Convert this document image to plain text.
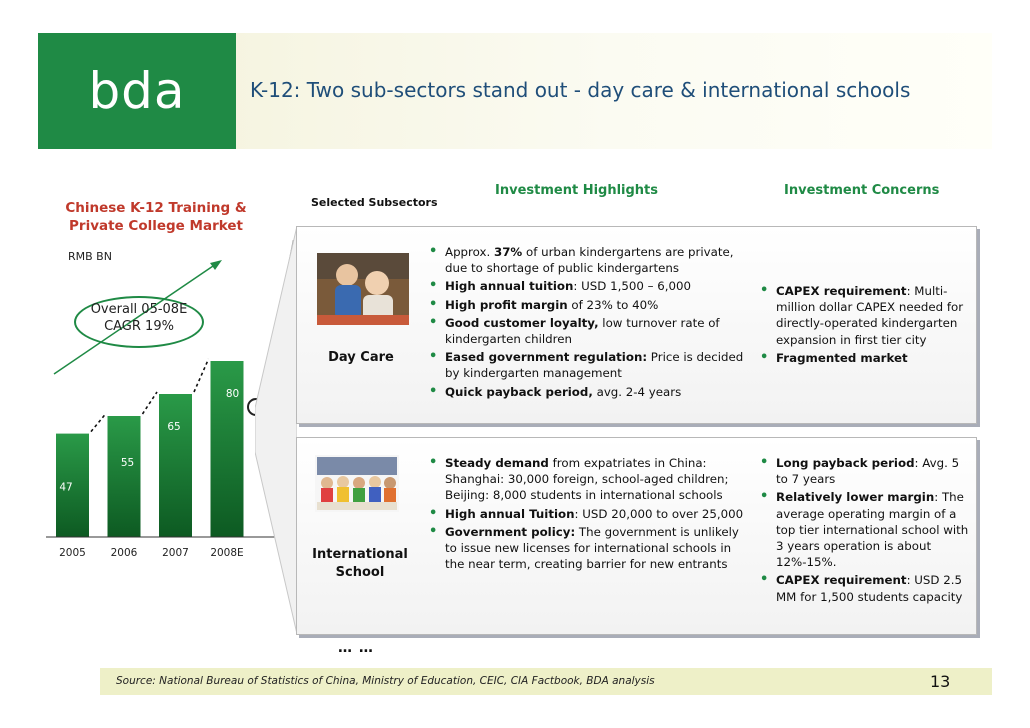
bda	K-12: Two sub-sectors stand out - day care & international schools
Chinese K-12 Training &
Private College Market
RMB BN
47
2005
55
2006
65
2007
80
2008E
Overall 05-08E
CAGR 19%
Selected Subsectors
Investment Highlights	Investment Concerns
Day Care
• Approx. 37% of urban kindergartens are private, due to shortage of public kindergartens
• High annual tuition: USD 1,500 – 6,000
• High profit margin of 23% to 40%
• Good customer loyalty, low turnover rate of kindergarten children
• Eased government regulation: Price is decided by kindergarten management
• Quick payback period, avg. 2-4 years
• CAPEX requirement: Multi-million dollar CAPEX needed for directly-operated kindergarten expansion in first tier city
• Fragmented market
International School
• Steady demand from expatriates in China: Shanghai: 30,000 foreign, school-aged children; Beijing: 8,000 students in international schools
• High annual Tuition: USD 20,000 to over 25,000
• Government policy: The government is unlikely to issue new licenses for international schools in the near term, creating barrier for new entrants
• Long payback period: Avg. 5 to 7 years
• Relatively lower margin: The average operating margin of a top tier international school with 3 years operation is about 12%-15%.
• CAPEX requirement: USD 2.5 MM for 1,500 students capacity
… …
Source: National Bureau of Statistics of China, Ministry of Education, CEIC, CIA Factbook, BDA analysis	13
